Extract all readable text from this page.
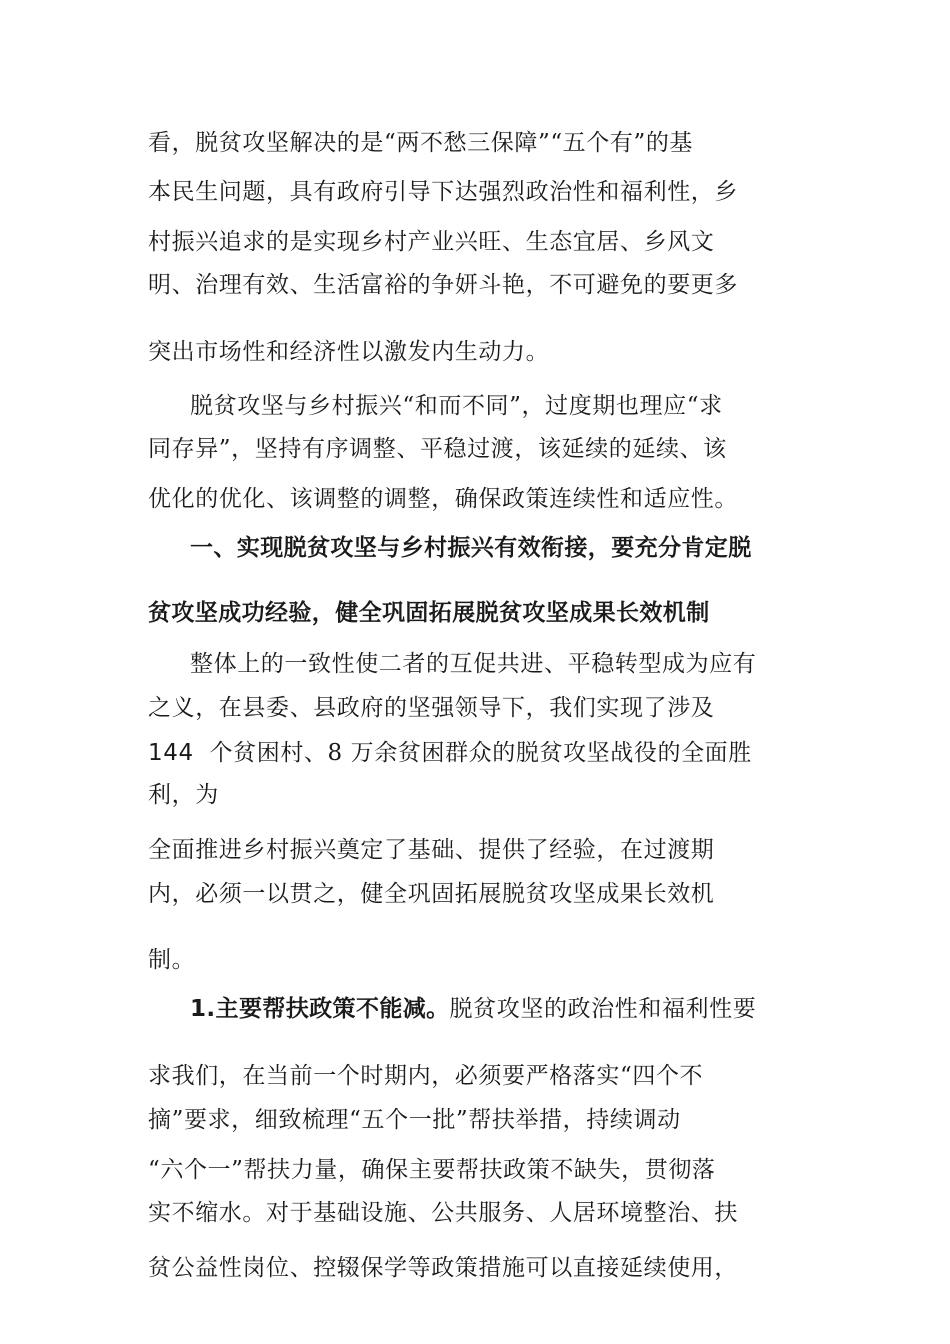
看，脱贫攻坚解决的是“两不愁三保障”“五个有”的基
本民生问题，具有政府引导下达强烈政治性和福利性，乡
村振兴追求的是实现乡村产业兴旺、生态宜居、乡风文
明、治理有效、生活富裕的争妍斗艳，不可避免的要更多
突出市场性和经济性以激发内生动力。
脱贫攻坚与乡村振兴“和而不同”，过度期也理应“求
同存异”，坚持有序调整、平稳过渡，该延续的延续、该
优化的优化、该调整的调整，确保政策连续性和适应性。
一、实现脱贫攻坚与乡村振兴有效衔接，要充分肯定脱
贫攻坚成功经验，健全巩固拓展脱贫攻坚成果长效机制
整体上的一致性使二者的互促共进、平稳转型成为应有
之义，在县委、县政府的坚强领导下，我们实现了涉及
144 个贫困村、8 万余贫困群众的脱贫攻坚战役的全面胜
利，为
全面推进乡村振兴奠定了基础、提供了经验，在过渡期
内，必须一以贯之，健全巩固拓展脱贫攻坚成果长效机
制。
1.主要帮扶政策不能减。脱贫攻坚的政治性和福利性要
求我们，在当前一个时期内，必须要严格落实“四个不
摘”要求，细致梳理“五个一批”帮扶举措，持续调动
“六个一”帮扶力量，确保主要帮扶政策不缺失，贯彻落
实不缩水。对于基础设施、公共服务、人居环境整治、扶
贫公益性岗位、控辍保学等政策措施可以直接延续使用，
